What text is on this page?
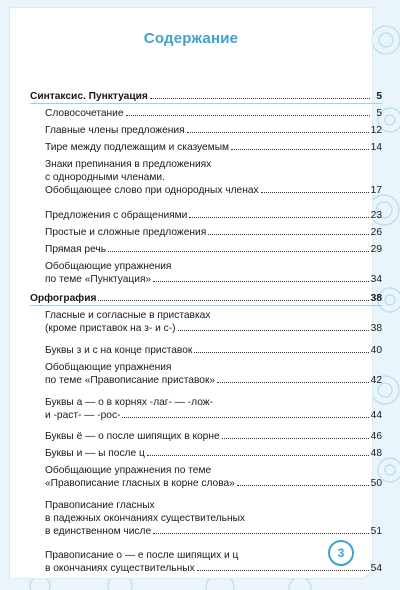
Содержание
Синтаксис. Пунктуация	5
Словосочетание	5
Главные члены предложения	12
Тире между подлежащим и сказуемым	14
Знаки препинания в предложениях
с однородными членами.
Обобщающее слово при однородных членах	17
Предложения с обращениями	23
Простые и сложные предложения	26
Прямая речь	29
Обобщающие упражнения
по теме «Пунктуация»	34
Орфография	38
Гласные и согласные в приставках
(кроме приставок на з- и с-)	38
Буквы з и с на конце приставок	40
Обобщающие упражнения
по теме «Правописание приставок»	42
Буквы а — о в корнях -лаг- — -лож-
и -раст- — -рос-	44
Буквы ё — о после шипящих в корне	46
Буквы и — ы после ц	48
Обобщающие упражнения по теме
«Правописание гласных в корне слова»	50
Правописание гласных
в падежных окончаниях существительных
в единственном числе	51
Правописание о — е после шипящих и ц
в окончаниях существительных	54
3
